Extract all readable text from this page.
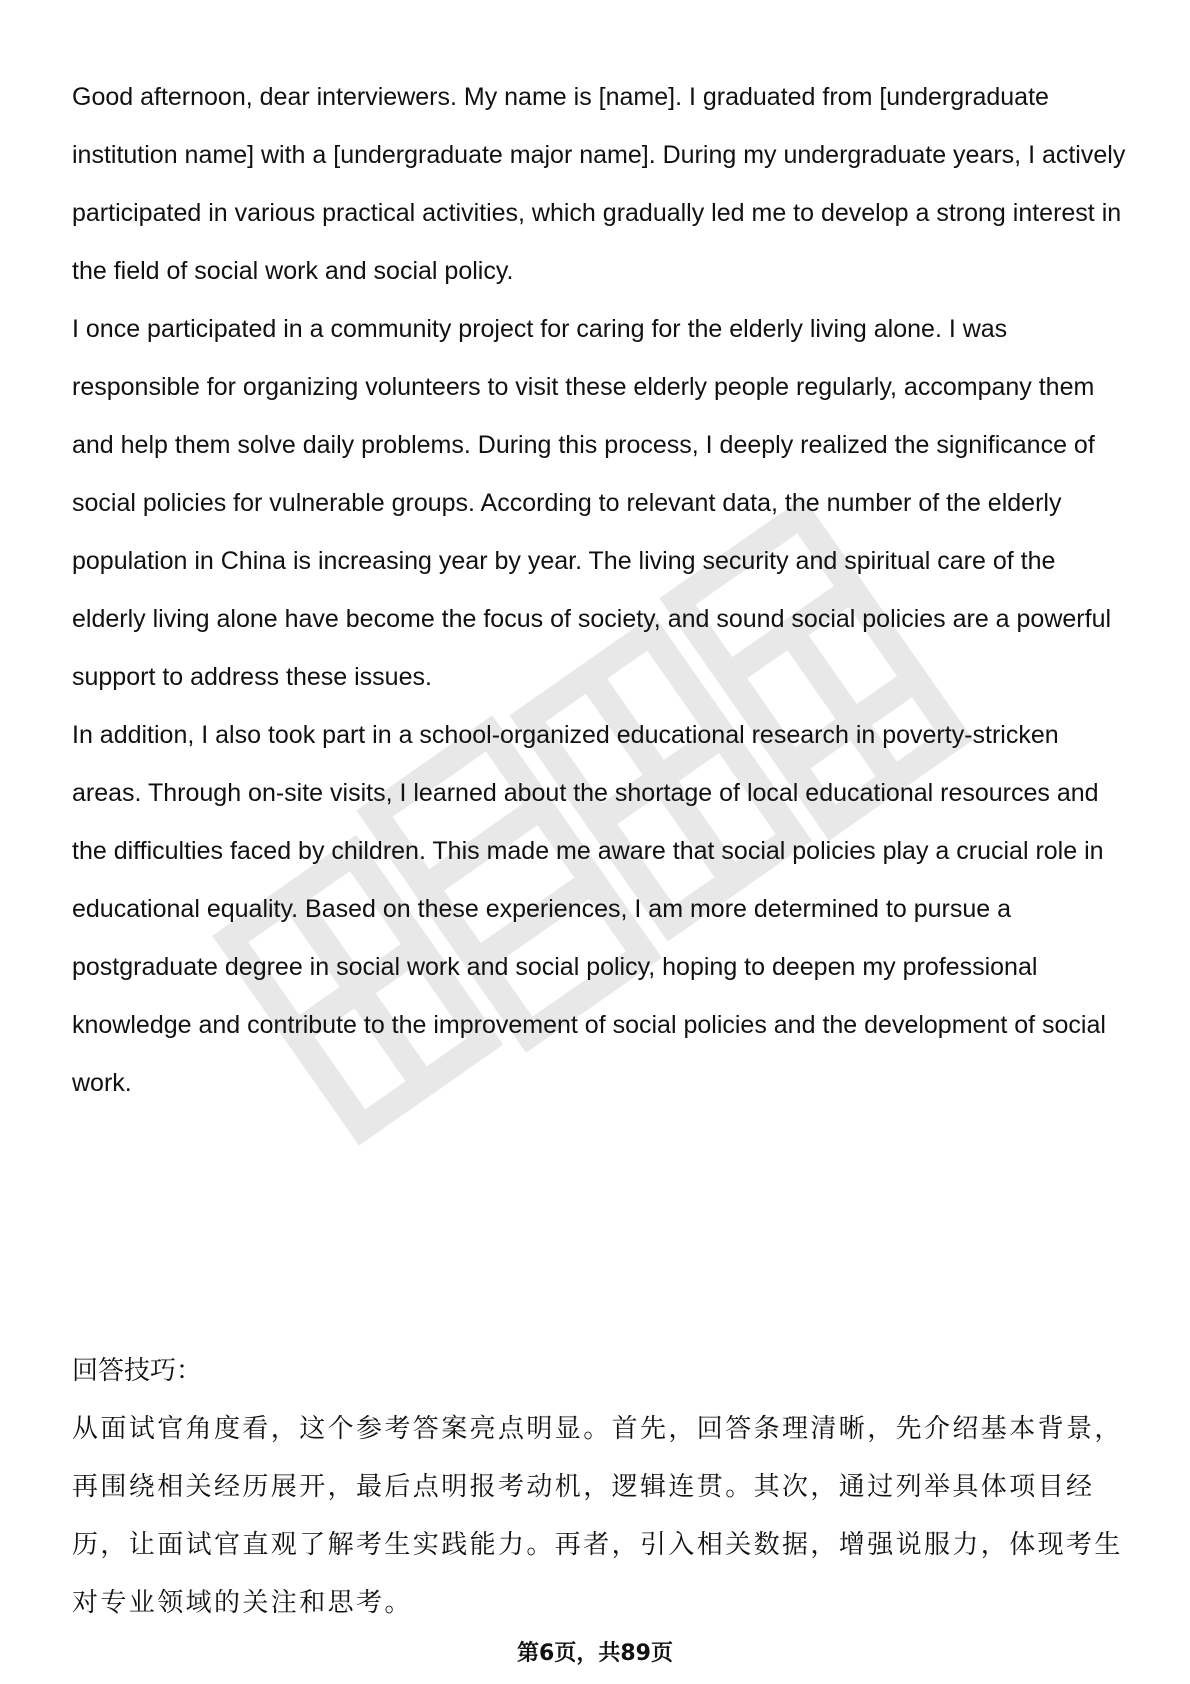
Good afternoon, dear interviewers. My name is [name]. I graduated from [undergraduate institution name] with a [undergraduate major name]. During my undergraduate years, I actively participated in various practical activities, which gradually led me to develop a strong interest in the field of social work and social policy.

I once participated in a community project for caring for the elderly living alone. I was responsible for organizing volunteers to visit these elderly people regularly, accompany them and help them solve daily problems. During this process, I deeply realized the significance of social policies for vulnerable groups. According to relevant data, the number of the elderly population in China is increasing year by year. The living security and spiritual care of the elderly living alone have become the focus of society, and sound social policies are a powerful support to address these issues.

In addition, I also took part in a school-organized educational research in poverty-stricken areas. Through on-site visits, I learned about the shortage of local educational resources and the difficulties faced by children. This made me aware that social policies play a crucial role in educational equality. Based on these experiences, I am more determined to pursue a postgraduate degree in social work and social policy, hoping to deepen my professional knowledge and contribute to the improvement of social policies and the development of social work.

回答技巧：

从面试官角度看，这个参考答案亮点明显。首先，回答条理清晰，先介绍基本背景，再围绕相关经历展开，最后点明报考动机，逻辑连贯。其次，通过列举具体项目经历，让面试官直观了解考生实践能力。再者，引入相关数据，增强说服力，体现考生对专业领域的关注和思考。

第6页，共89页
